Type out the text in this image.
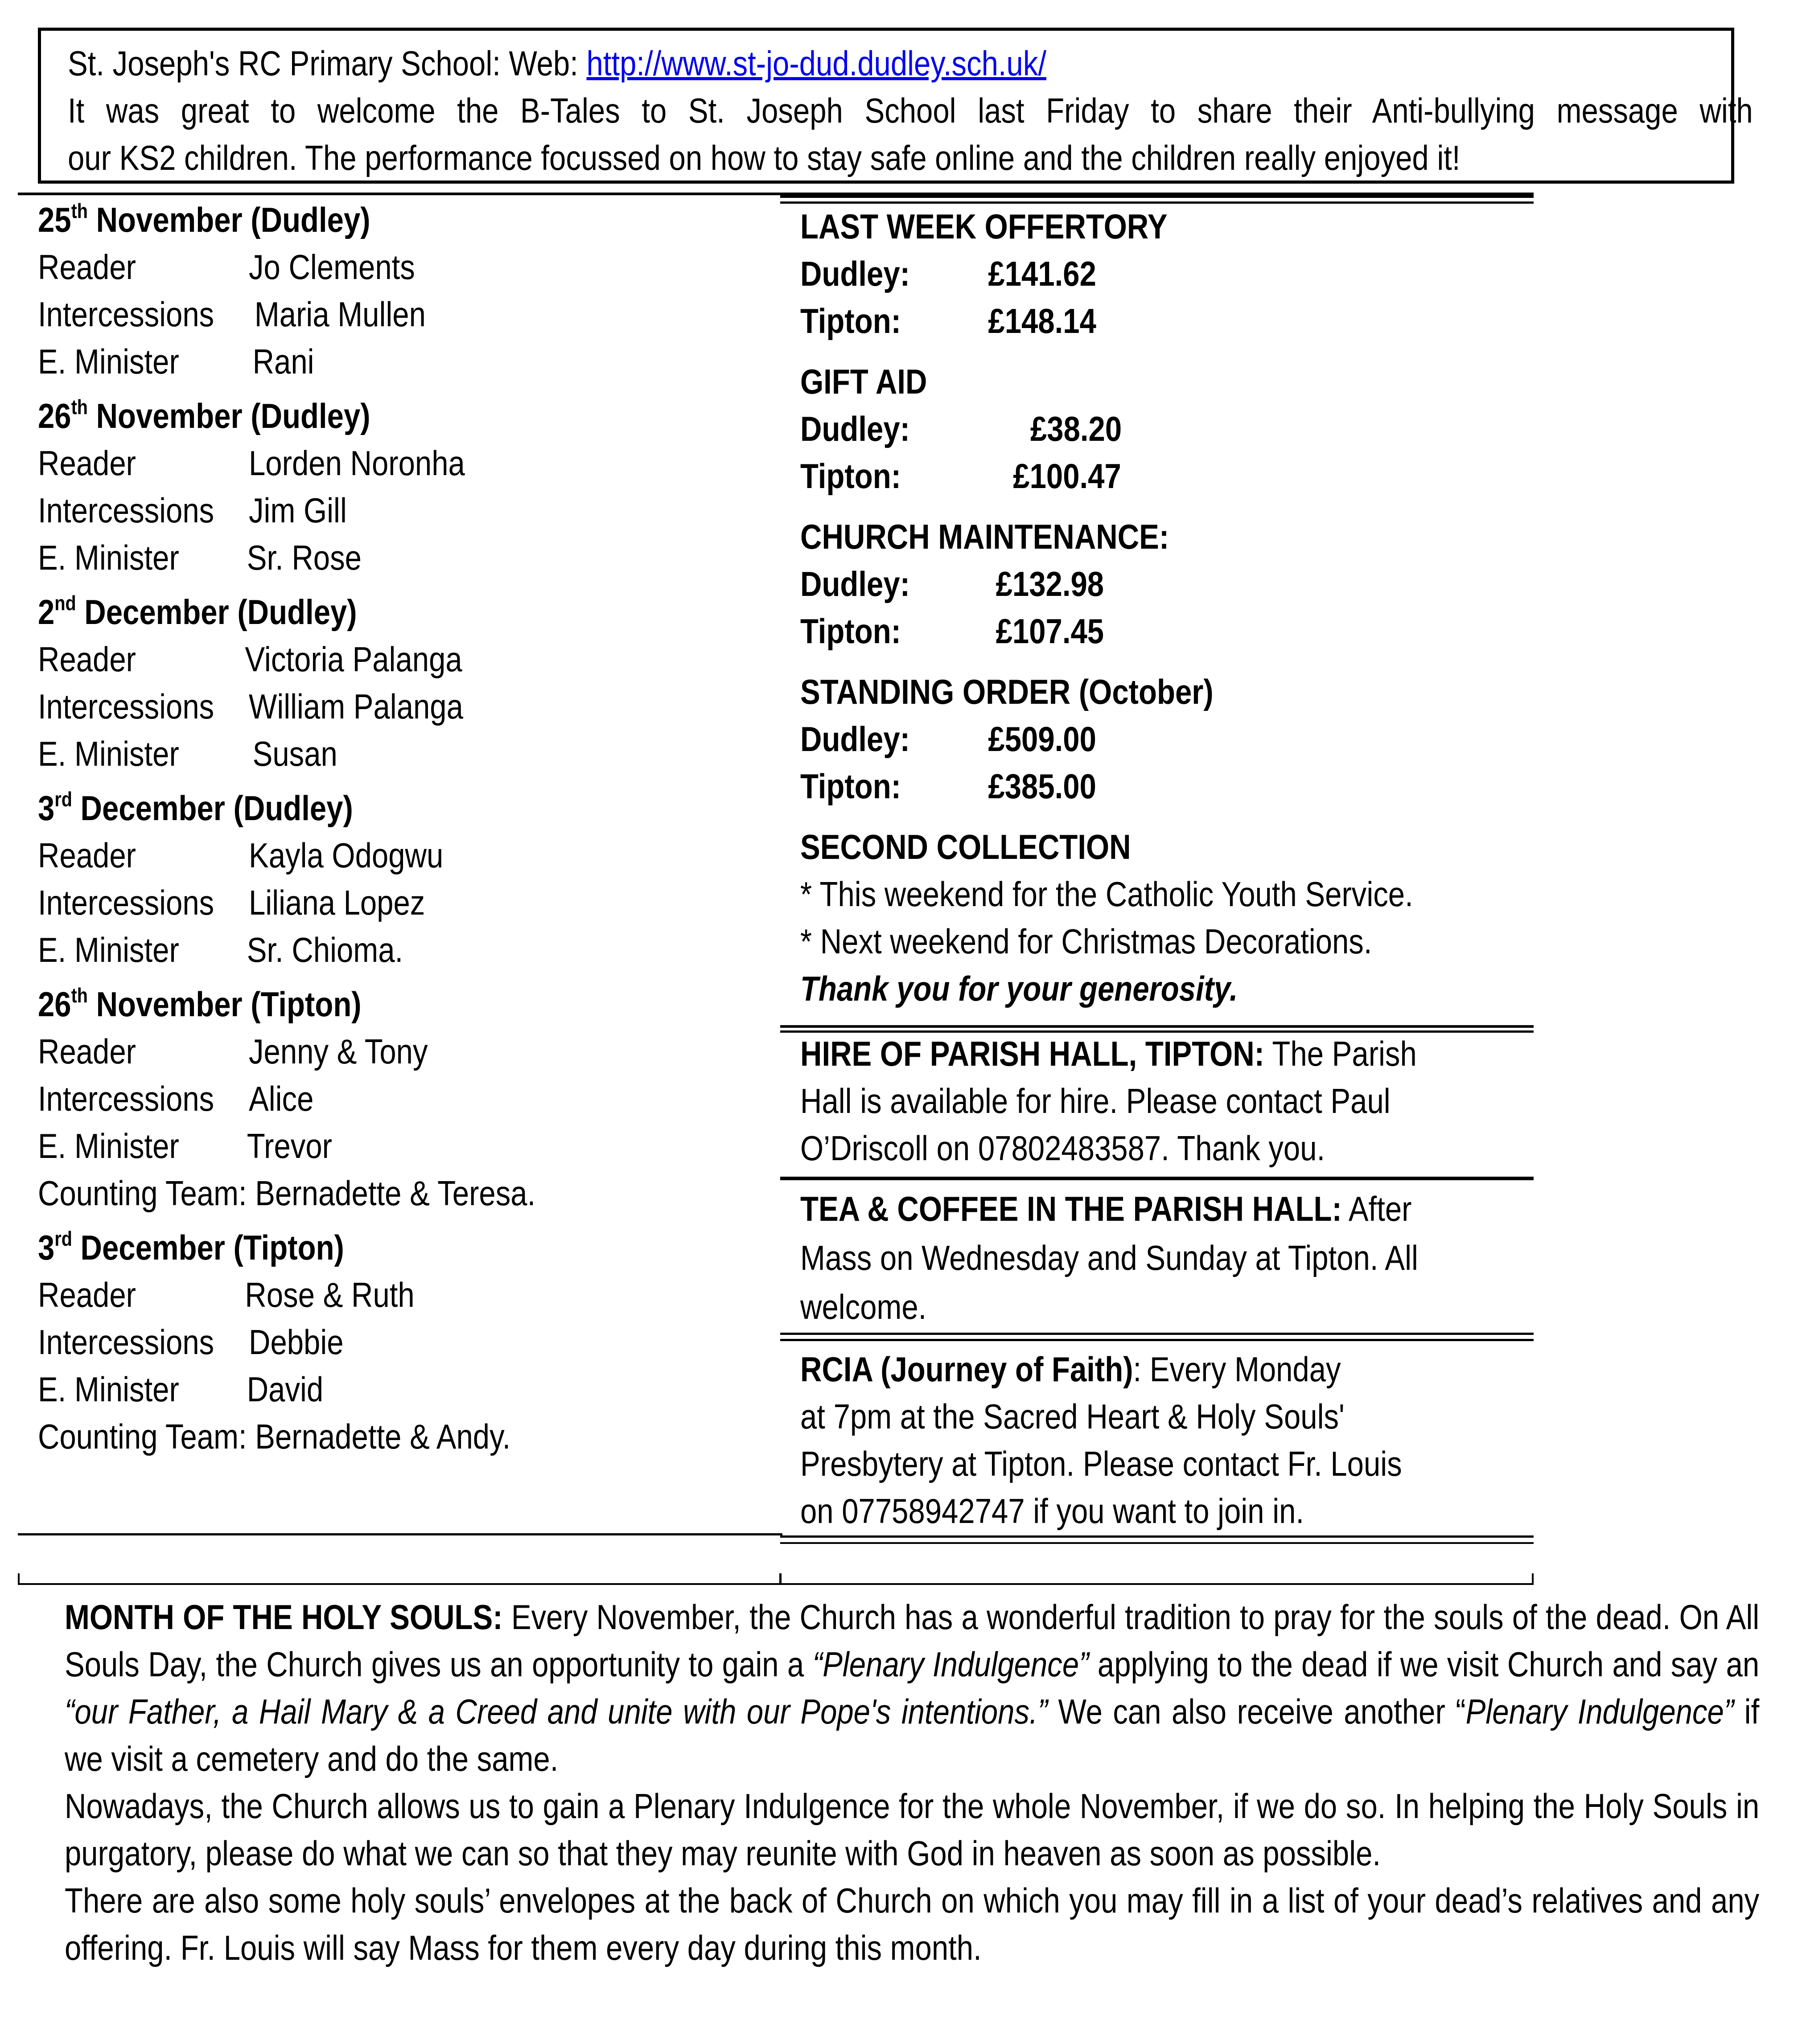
St. Joseph's RC Primary School: Web: http://www.st-jo-dud.dudley.sch.uk/
It was great to welcome the B-Tales to St. Joseph School last Friday to share their Anti-bullying message with
our KS2 children. The performance focussed on how to stay safe online and the children really enjoyed it!
25th November (Dudley)
Reader	Jo Clements
Intercessions Maria Mullen
E. Minister Rani
26th November (Dudley)
Reader	Lorden Noronha
Intercessions Jim Gill
E. Minister Sr. Rose
2nd December (Dudley)
Reader	Victoria Palanga
Intercessions William Palanga
E. Minister Susan
3rd December (Dudley)
Reader	Kayla Odogwu
Intercessions Liliana Lopez
E. Minister Sr. Chioma.
26th November (Tipton)
Reader	Jenny & Tony
Intercessions Alice
E. Minister Trevor
Counting Team: Bernadette & Teresa.
3rd December (Tipton)
Reader	Rose & Ruth
Intercessions Debbie
E. Minister David
Counting Team: Bernadette & Andy.
LAST WEEK OFFERTORY
Dudley: £141.62
Tipton:	£148.14
GIFT AID
Dudley:	£38.20
Tipton:	£100.47
CHURCH MAINTENANCE:
Dudley: £132.98
Tipton:	£107.45
STANDING ORDER (October)
Dudley: £509.00
Tipton:	£385.00
SECOND COLLECTION
* This weekend for the Catholic Youth Service.
* Next weekend for Christmas Decorations.
Thank you for your generosity.
HIRE OF PARISH HALL, TIPTON: The Parish
Hall is available for hire. Please contact Paul
O’Driscoll on 07802483587. Thank you.
TEA & COFFEE IN THE PARISH HALL: After
Mass on Wednesday and Sunday at Tipton. All
welcome.
RCIA (Journey of Faith): Every Monday
at 7pm at the Sacred Heart & Holy Souls'
Presbytery at Tipton. Please contact Fr. Louis
on 07758942747 if you want to join in.

MONTH OF THE HOLY SOULS: Every November, the Church has a wonderful tradition to pray for the souls of the dead. On All Souls Day, the Church gives us an opportunity to gain a “Plenary Indulgence” applying to the dead if we visit Church and say an “our Father, a Hail Mary & a Creed and unite with our Pope's intentions.” We can also receive another “Plenary Indulgence” if we visit a cemetery and do the same.

Nowadays, the Church allows us to gain a Plenary Indulgence for the whole November, if we do so. In helping the Holy Souls in purgatory, please do what we can so that they may reunite with God in heaven as soon as possible.

There are also some holy souls’ envelopes at the back of Church on which you may fill in a list of your dead’s relatives and any offering. Fr. Louis will say Mass for them every day during this month.
